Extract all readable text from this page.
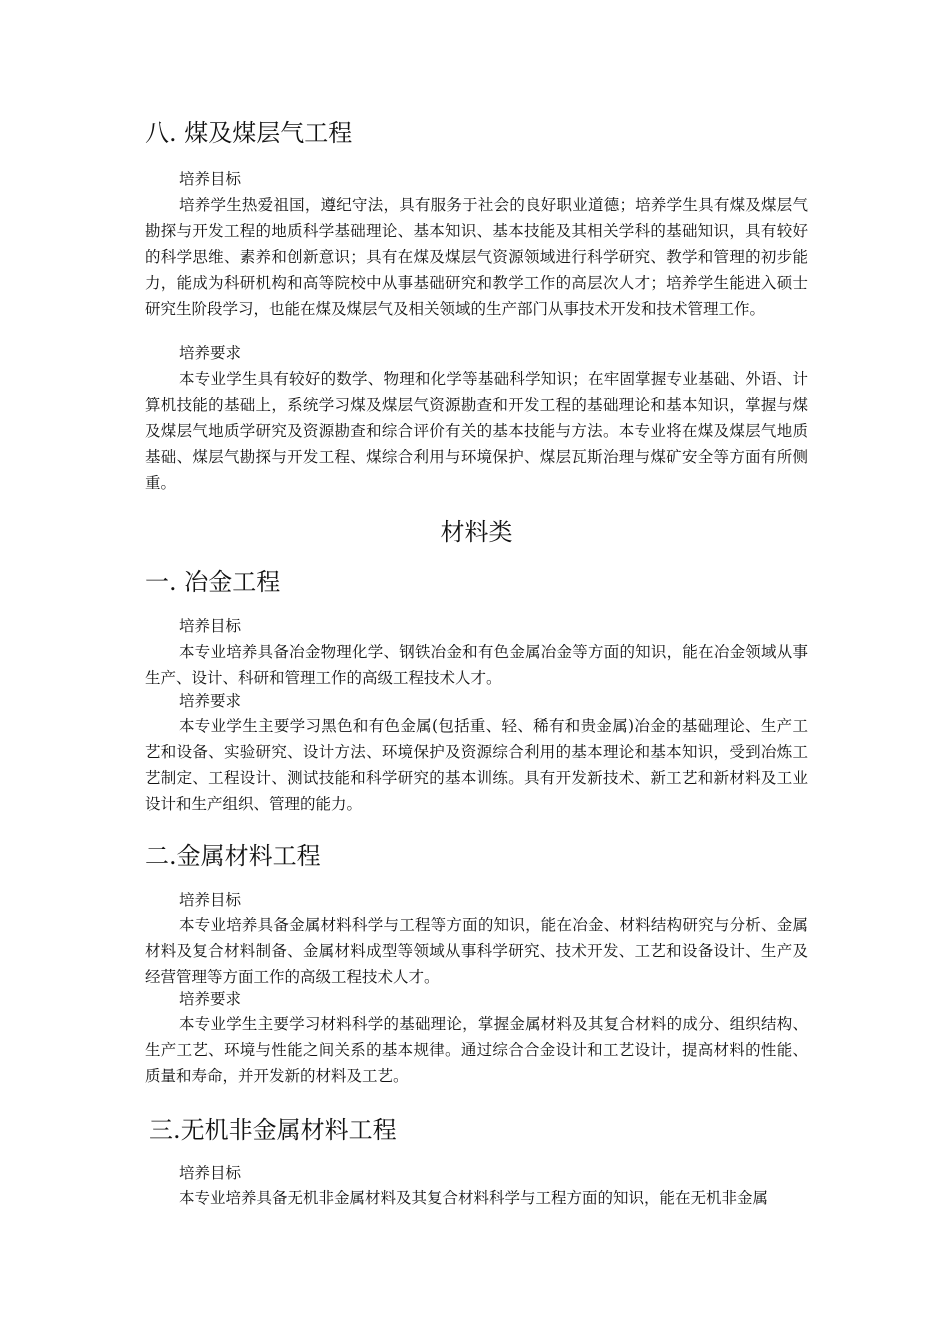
八. 煤及煤层气工程
培养目标

培养学生热爱祖国，遵纪守法，具有服务于社会的良好职业道德；培养学生具有煤及煤层气勘探与开发工程的地质科学基础理论、基本知识、基本技能及其相关学科的基础知识，具有较好的科学思维、素养和创新意识；具有在煤及煤层气资源领域进行科学研究、教学和管理的初步能力，能成为科研机构和高等院校中从事基础研究和教学工作的高层次人才；培养学生能进入硕士研究生阶段学习，也能在煤及煤层气及相关领域的生产部门从事技术开发和技术管理工作。

培养要求

本专业学生具有较好的数学、物理和化学等基础科学知识；在牢固掌握专业基础、外语、计算机技能的基础上，系统学习煤及煤层气资源勘查和开发工程的基础理论和基本知识，掌握与煤及煤层气地质学研究及资源勘查和综合评价有关的基本技能与方法。本专业将在煤及煤层气地质基础、煤层气勘探与开发工程、煤综合利用与环境保护、煤层瓦斯治理与煤矿安全等方面有所侧重。

材料类
一. 冶金工程
培养目标

本专业培养具备冶金物理化学、钢铁冶金和有色金属冶金等方面的知识，能在冶金领域从事生产、设计、科研和管理工作的高级工程技术人才。

培养要求

本专业学生主要学习黑色和有色金属(包括重、轻、稀有和贵金属)冶金的基础理论、生产工艺和设备、实验研究、设计方法、环境保护及资源综合利用的基本理论和基本知识，受到冶炼工艺制定、工程设计、测试技能和科学研究的基本训练。具有开发新技术、新工艺和新材料及工业设计和生产组织、管理的能力。

二.金属材料工程
培养目标

本专业培养具备金属材料科学与工程等方面的知识，能在冶金、材料结构研究与分析、金属材料及复合材料制备、金属材料成型等领域从事科学研究、技术开发、工艺和设备设计、生产及经营管理等方面工作的高级工程技术人才。

培养要求

本专业学生主要学习材料科学的基础理论，掌握金属材料及其复合材料的成分、组织结构、生产工艺、环境与性能之间关系的基本规律。通过综合合金设计和工艺设计，提高材料的性能、质量和寿命，并开发新的材料及工艺。

三.无机非金属材料工程
培养目标

本专业培养具备无机非金属材料及其复合材料科学与工程方面的知识，能在无机非金属
